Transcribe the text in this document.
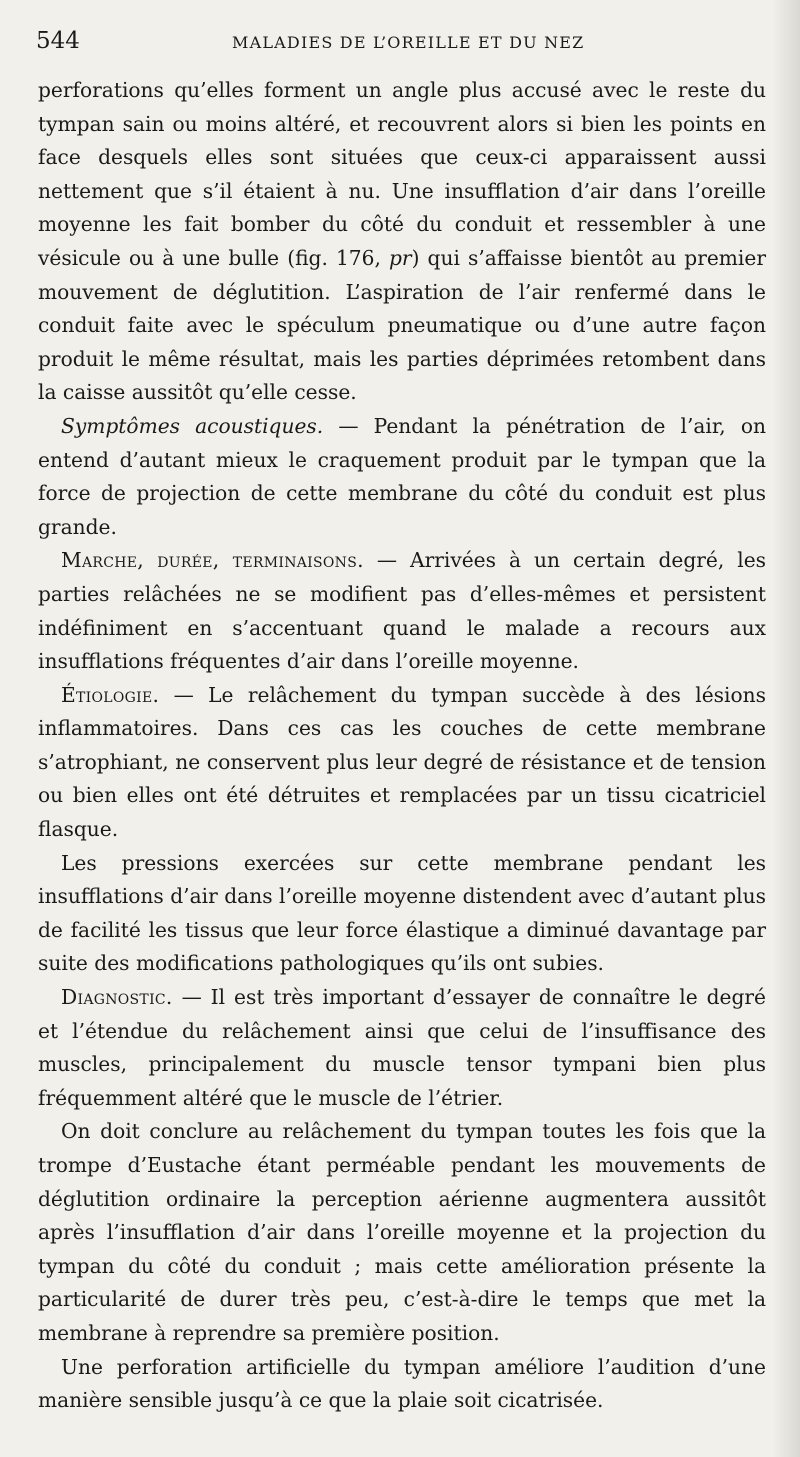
544	MALADIES DE L’OREILLE ET DU NEZ

perforations qu’elles forment un angle plus accusé avec le reste du tympan sain ou moins altéré, et recouvrent alors si bien les points en face desquels elles sont situées que ceux-ci apparaissent aussi nettement que s’il étaient à nu. Une insufflation d’air dans l’oreille moyenne les fait bomber du côté du conduit et ressembler à une vésicule ou à une bulle (fig. 176, pr) qui s’affaisse bientôt au premier mouvement de déglutition. L’aspiration de l’air renfermé dans le conduit faite avec le spéculum pneumatique ou d’une autre façon produit le même résultat, mais les parties déprimées retombent dans la caisse aussitôt qu’elle cesse.

Symptômes acoustiques. — Pendant la pénétration de l’air, on entend d’autant mieux le craquement produit par le tympan que la force de projection de cette membrane du côté du conduit est plus grande.

Marche, durée, terminaisons. — Arrivées à un certain degré, les parties relâchées ne se modifient pas d’elles-mêmes et persistent indéfiniment en s’accentuant quand le malade a recours aux insufflations fréquentes d’air dans l’oreille moyenne.

Étiologie. — Le relâchement du tympan succède à des lésions inflammatoires. Dans ces cas les couches de cette membrane s’atrophiant, ne conservent plus leur degré de résistance et de tension ou bien elles ont été détruites et remplacées par un tissu cicatriciel flasque.

Les pressions exercées sur cette membrane pendant les insufflations d’air dans l’oreille moyenne distendent avec d’autant plus de facilité les tissus que leur force élastique a diminué davantage par suite des modifications pathologiques qu’ils ont subies.

Diagnostic. — Il est très important d’essayer de connaître le degré et l’étendue du relâchement ainsi que celui de l’insuffisance des muscles, principalement du muscle tensor tympani bien plus fréquemment altéré que le muscle de l’étrier.

On doit conclure au relâchement du tympan toutes les fois que la trompe d’Eustache étant perméable pendant les mouvements de déglutition ordinaire la perception aérienne augmentera aussitôt après l’insufflation d’air dans l’oreille moyenne et la projection du tympan du côté du conduit ; mais cette amélioration présente la particularité de durer très peu, c’est-à-dire le temps que met la membrane à reprendre sa première position.

Une perforation artificielle du tympan améliore l’audition d’une manière sensible jusqu’à ce que la plaie soit cicatrisée.
